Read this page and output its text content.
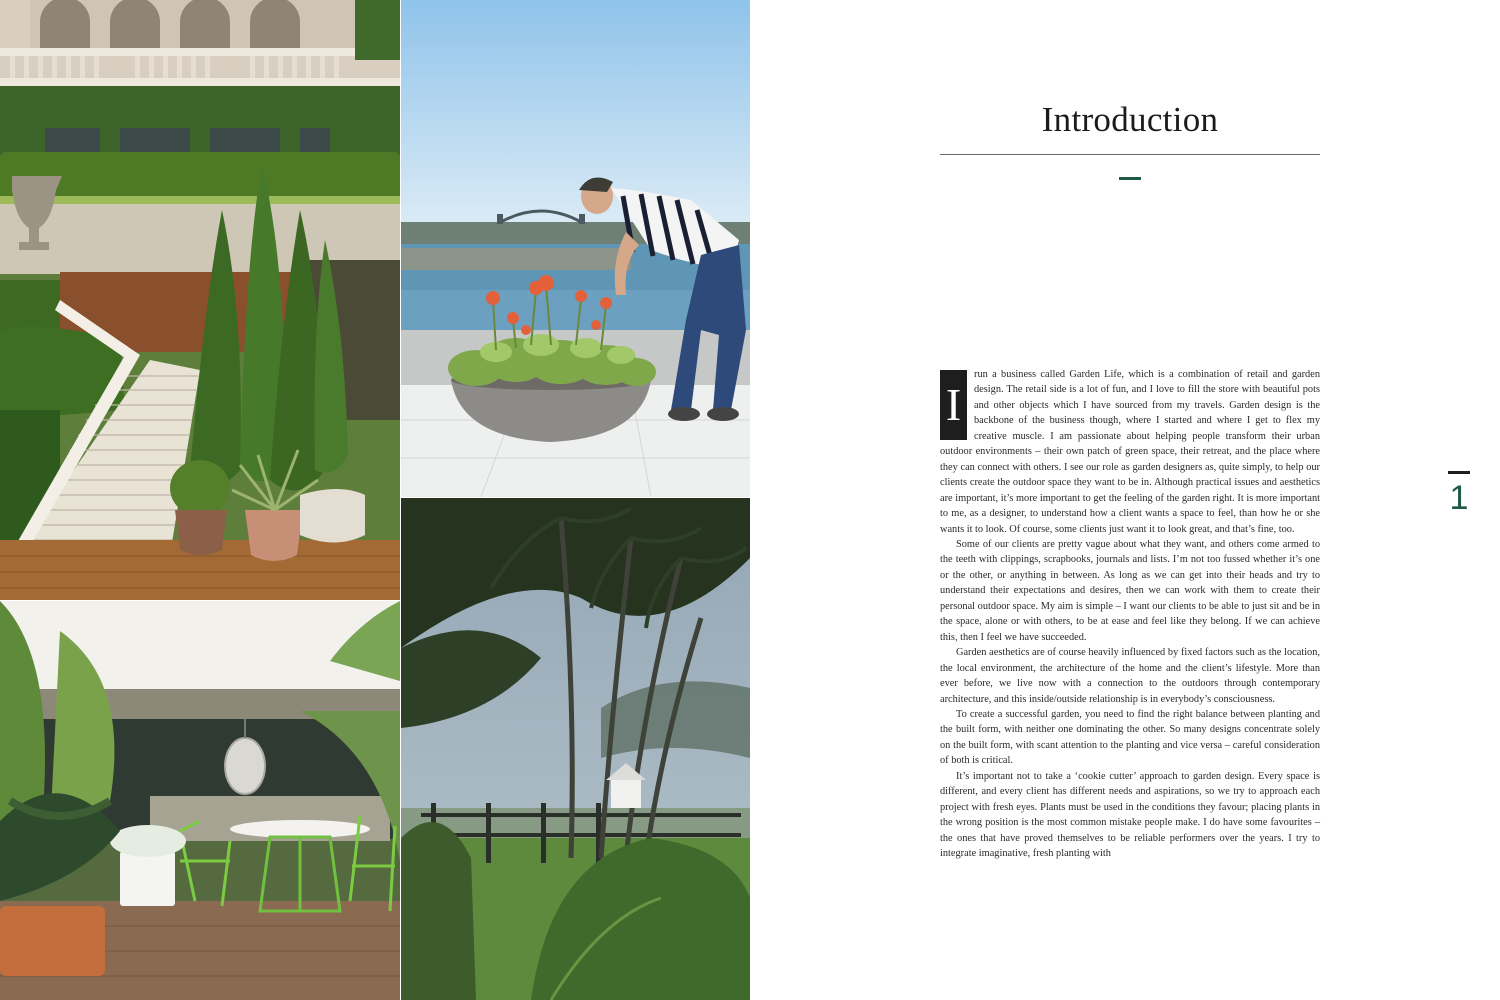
Introduction

I
run a business called Garden Life, which is a combination of retail and garden design. The retail side is a lot of fun, and I love to fill the store with beautiful pots and other objects which I have sourced from my travels. Garden design is the backbone of the business though, where I started and where I get to flex my creative muscle. I am passionate about helping people transform their urban outdoor environments – their own patch of green space, their retreat, and the place where they can connect with others. I see our role as garden designers as, quite simply, to help our clients create the outdoor space they want to be in. Although practical issues and aesthetics are important, it’s more important to get the feeling of the garden right. It is more important to me, as a designer, to understand how a client wants a space to feel, than how he or she wants it to look. Of course, some clients just want it to look great, and that’s fine, too.

Some of our clients are pretty vague about what they want, and others come armed to the teeth with clippings, scrapbooks, journals and lists. I’m not too fussed whether it’s one or the other, or anything in between. As long as we can get into their heads and try to understand their expectations and desires, then we can work with them to create their personal outdoor space. My aim is simple – I want our clients to be able to just sit and be in the space, alone or with others, to be at ease and feel like they belong. If we can achieve this, then I feel we have succeeded.

Garden aesthetics are of course heavily influenced by fixed factors such as the location, the local environment, the architecture of the home and the client’s lifestyle. More than ever before, we live now with a connection to the outdoors through contemporary architecture, and this inside/outside relationship is in everybody’s consciousness.

To create a successful garden, you need to find the right balance between planting and the built form, with neither one dominating the other. So many designs concentrate solely on the built form, with scant attention to the planting and vice versa – careful consideration of both is critical.

It’s important not to take a ‘cookie cutter’ approach to garden design. Every space is different, and every client has different needs and aspirations, so we try to approach each project with fresh eyes. Plants must be used in the conditions they favour; placing plants in the wrong position is the most common mistake people make. I do have some favourites – the ones that have proved themselves to be reliable performers over the years. I try to integrate imaginative, fresh planting with

1
